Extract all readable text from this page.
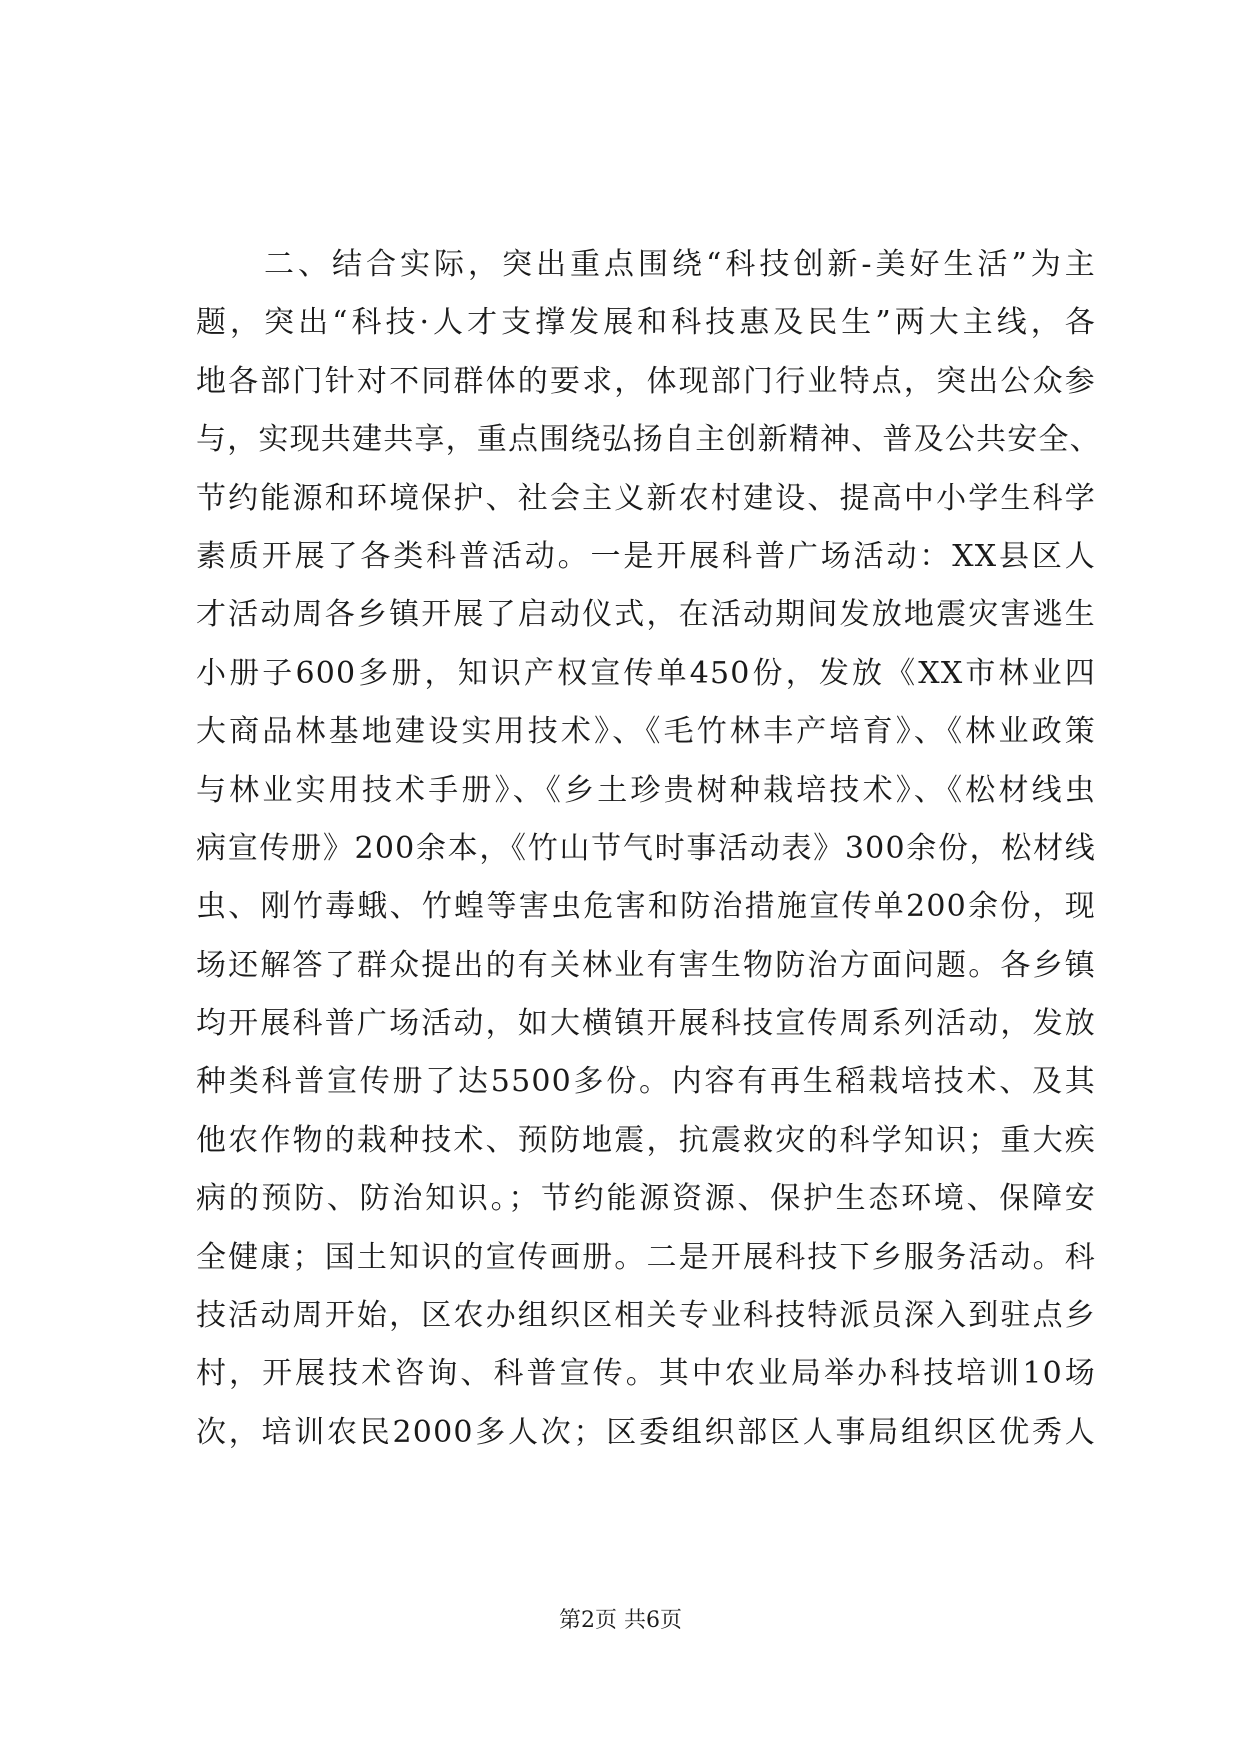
　　二、结合实际，突出重点围绕“科技创新-美好生活”为主
题，突出“科技·人才支撑发展和科技惠及民生”两大主线，各
地各部门针对不同群体的要求，体现部门行业特点，突出公众参
与，实现共建共享，重点围绕弘扬自主创新精神、普及公共安全、
节约能源和环境保护、社会主义新农村建设、提高中小学生科学
素质开展了各类科普活动。一是开展科普广场活动：XX县区人
才活动周各乡镇开展了启动仪式，在活动期间发放地震灾害逃生
小册子600多册，知识产权宣传单450份，发放《XX市林业四
大商品林基地建设实用技术》、《毛竹林丰产培育》、《林业政策
与林业实用技术手册》、《乡土珍贵树种栽培技术》、《松材线虫
病宣传册》200余本，《竹山节气时事活动表》300余份，松材线
虫、刚竹毒蛾、竹蝗等害虫危害和防治措施宣传单200余份，现
场还解答了群众提出的有关林业有害生物防治方面问题。各乡镇
均开展科普广场活动，如大横镇开展科技宣传周系列活动，发放
种类科普宣传册了达5500多份。内容有再生稻栽培技术、及其
他农作物的栽种技术、预防地震，抗震救灾的科学知识；重大疾
病的预防、防治知识。；节约能源资源、保护生态环境、保障安
全健康；国土知识的宣传画册。二是开展科技下乡服务活动。科
技活动周开始，区农办组织区相关专业科技特派员深入到驻点乡
村，开展技术咨询、科普宣传。其中农业局举办科技培训10场
次，培训农民2000多人次；区委组织部区人事局组织区优秀人
第2页 共6页
